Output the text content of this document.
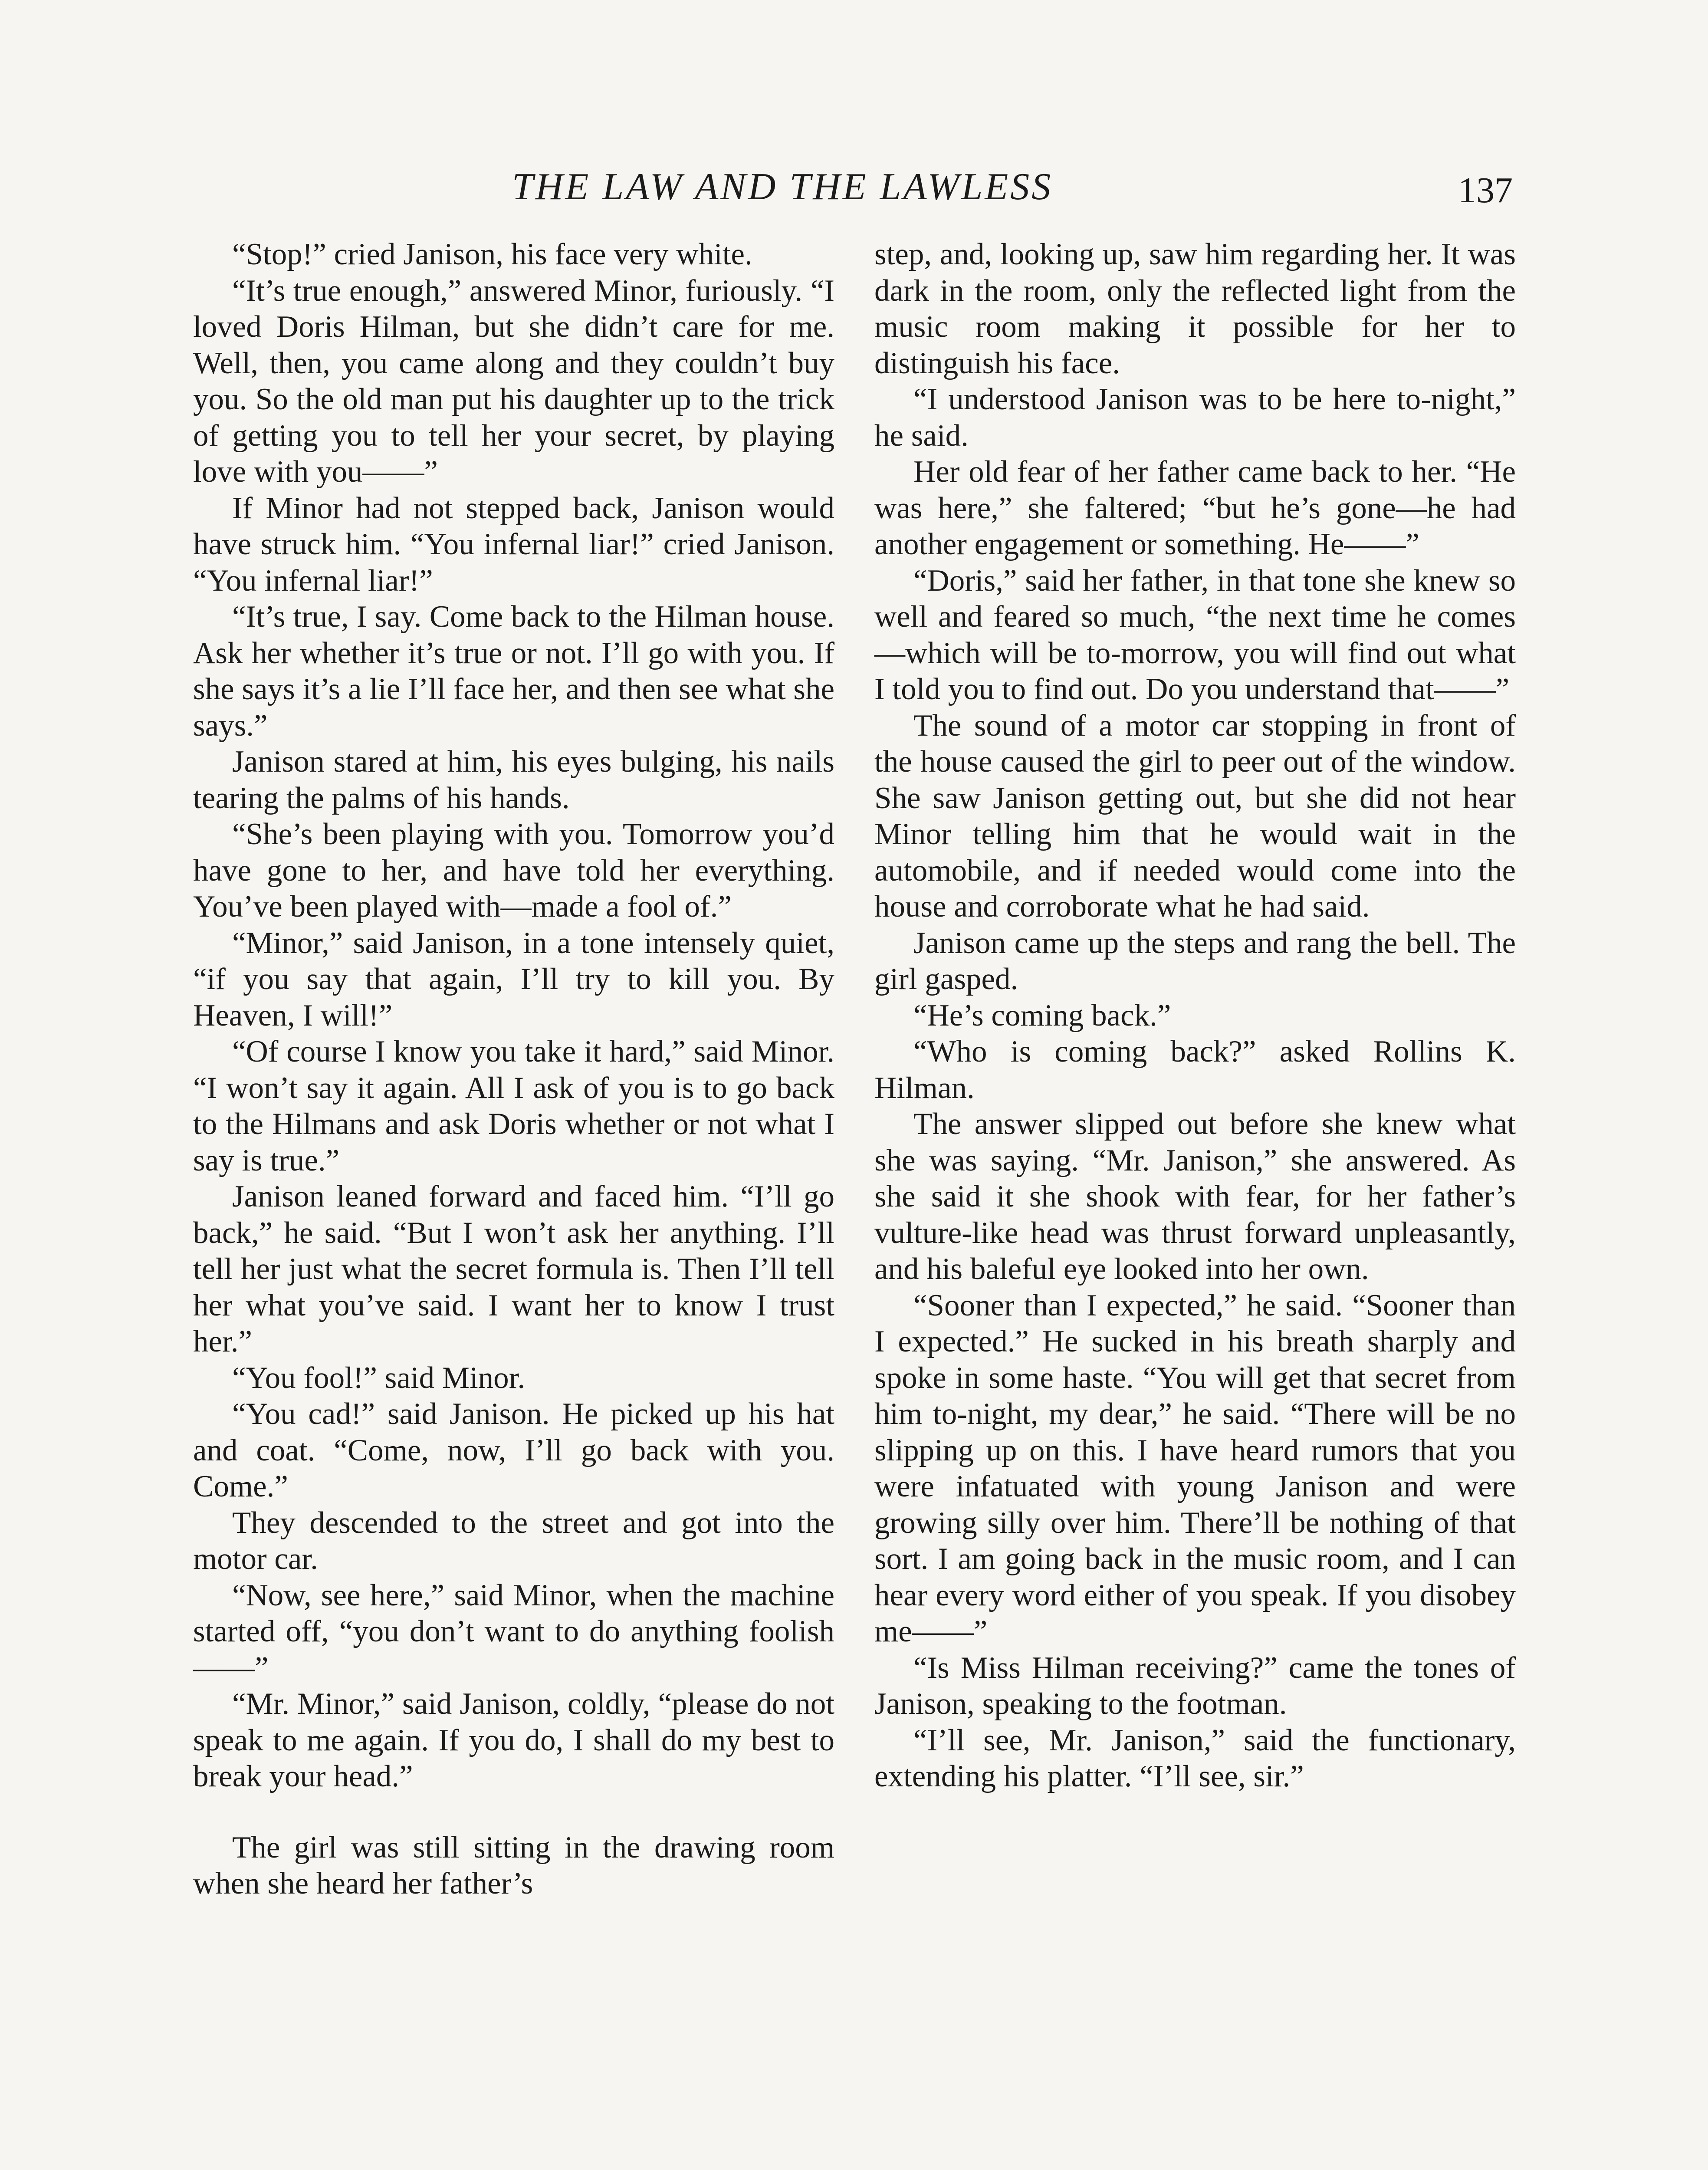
THE LAW AND THE LAWLESS	137

“Stop!” cried Janison, his face very white.

“It’s true enough,” answered Minor, furiously. “I loved Doris Hilman, but she didn’t care for me. Well, then, you came along and they couldn’t buy you. So the old man put his daughter up to the trick of getting you to tell her your secret, by playing love with you——”

If Minor had not stepped back, Janison would have struck him. “You infernal liar!” cried Janison. “You infernal liar!”

“It’s true, I say. Come back to the Hilman house. Ask her whether it’s true or not. I’ll go with you. If she says it’s a lie I’ll face her, and then see what she says.”

Janison stared at him, his eyes bulging, his nails tearing the palms of his hands.

“She’s been playing with you. Tomorrow you’d have gone to her, and have told her everything. You’ve been played with—made a fool of.”

“Minor,” said Janison, in a tone intensely quiet, “if you say that again, I’ll try to kill you. By Heaven, I will!”

“Of course I know you take it hard,” said Minor. “I won’t say it again. All I ask of you is to go back to the Hilmans and ask Doris whether or not what I say is true.”

Janison leaned forward and faced him. “I’ll go back,” he said. “But I won’t ask her anything. I’ll tell her just what the secret formula is. Then I’ll tell her what you’ve said. I want her to know I trust her.”

“You fool!” said Minor.

“You cad!” said Janison. He picked up his hat and coat. “Come, now, I’ll go back with you. Come.”

They descended to the street and got into the motor car.

“Now, see here,” said Minor, when the machine started off, “you don’t want to do anything foolish——”

“Mr. Minor,” said Janison, coldly, “please do not speak to me again. If you do, I shall do my best to break your head.”

The girl was still sitting in the drawing room when she heard her father’s

step, and, looking up, saw him regarding her. It was dark in the room, only the reflected light from the music room making it possible for her to distinguish his face.

“I understood Janison was to be here to-night,” he said.

Her old fear of her father came back to her. “He was here,” she faltered; “but he’s gone—he had another engagement or something. He——”

“Doris,” said her father, in that tone she knew so well and feared so much, “the next time he comes—which will be to-morrow, you will find out what I told you to find out. Do you understand that——”

The sound of a motor car stopping in front of the house caused the girl to peer out of the window. She saw Janison getting out, but she did not hear Minor telling him that he would wait in the automobile, and if needed would come into the house and corroborate what he had said.

Janison came up the steps and rang the bell. The girl gasped.

“He’s coming back.”

“Who is coming back?” asked Rollins K. Hilman.

The answer slipped out before she knew what she was saying. “Mr. Janison,” she answered. As she said it she shook with fear, for her father’s vulture-like head was thrust forward unpleasantly, and his baleful eye looked into her own.

“Sooner than I expected,” he said. “Sooner than I expected.” He sucked in his breath sharply and spoke in some haste. “You will get that secret from him to-night, my dear,” he said. “There will be no slipping up on this. I have heard rumors that you were infatuated with young Janison and were growing silly over him. There’ll be nothing of that sort. I am going back in the music room, and I can hear every word either of you speak. If you disobey me——”

“Is Miss Hilman receiving?” came the tones of Janison, speaking to the footman.

“I’ll see, Mr. Janison,” said the functionary, extending his platter. “I’ll see, sir.”
